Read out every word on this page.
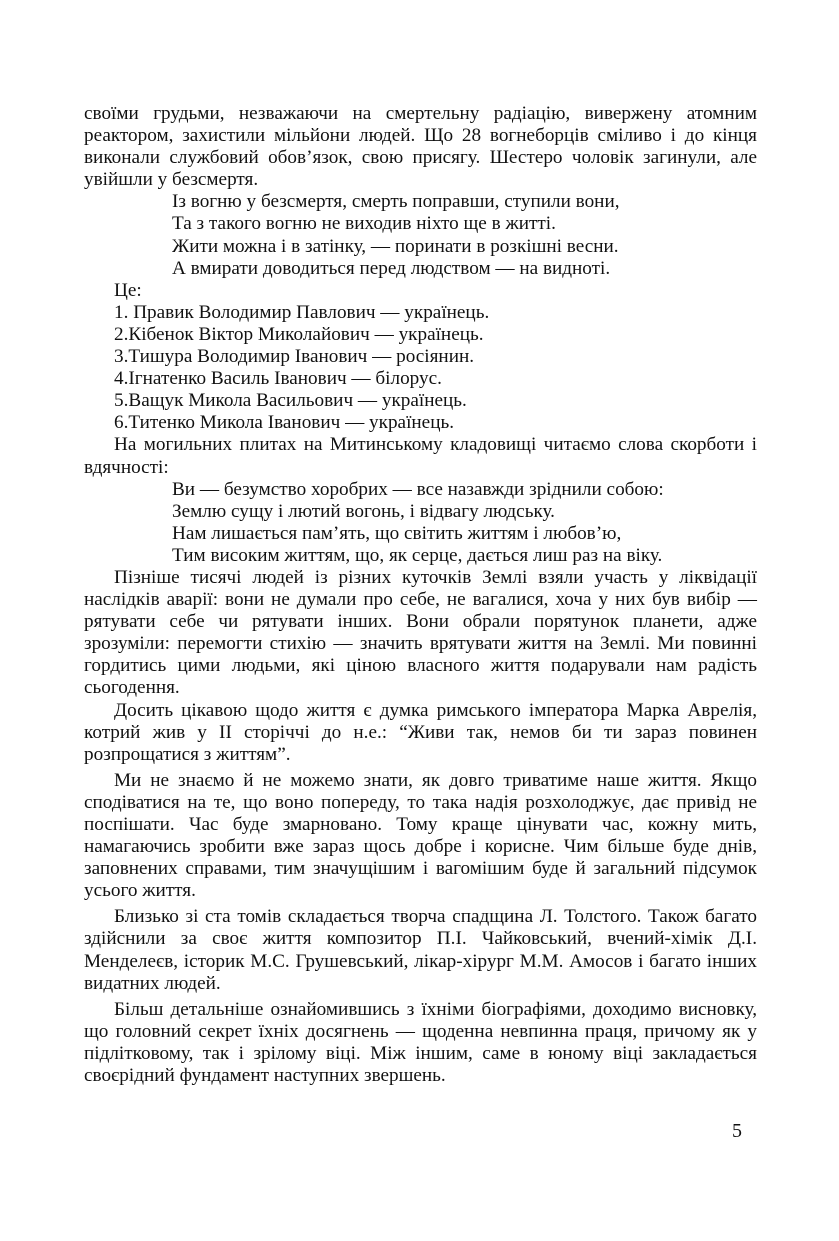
своїми грудьми, незважаючи на смертельну радіацію, виверженy атомним реактором, захистили мільйони людей. Що 28 вогнеборців сміливо і до кінця виконали службовий обов’язок, свою присягу. Шестеро чоловік загинули, але увійшли у безсмертя.

Із вогню у безсмертя, смерть поправши, ступили вони,
Та з такого вогню не виходив ніхто ще в житті.
Жити можна і в затінку, — поринати в розкішні весни.
А вмирати доводиться перед людством — на видноті.
Це:
1. Правик Володимир Павлович — українець.
2.Кібенок Віктор Миколайович — українець.
3.Тишура Володимир Іванович — росіянин.
4.Ігнатенко Василь Іванович — білорус.
5.Ващук Микола Васильович — українець.
6.Титенко Микола Іванович — українець.

На могильних плитах на Митинському кладовищі читаємо слова скорботи і вдячності:

Ви — безумство хоробрих — все назавжди зріднили собою:
Землю сущу і лютий вогонь, і відвагу людську.
Нам лишається пам’ять, що світить життям і любов’ю,
Тим високим життям, що, як серце, дається лиш раз на віку.

Пізніше тисячі людей із різних куточків Землі взяли участь у ліквідації наслідків аварії: вони не думали про себе, не вагалися, хоча у них був вибір — рятувати себе чи рятувати інших. Вони обрали порятунок планети, адже зрозуміли: перемогти стихію — значить врятувати життя на Землі. Ми повинні гордитись цими людьми, які ціною власного життя подарували нам радість сьогодення.

Досить цікавою щодо життя є думка римського імператора Марка Аврелія, котрий жив у ІІ сторіччі до н.е.: “Живи так, немов би ти зараз повинен розпрощатися з життям”.

Ми не знаємо й не можемо знати, як довго триватиме наше життя. Якщо сподіватися на те, що воно попереду, то така надія розхолоджує, дає привід не поспішати. Час буде змарновано. Тому краще цінувати час, кожну мить, намагаючись зробити вже зараз щось добре і корисне. Чим більше буде днів, заповнених справами, тим значущішим і вагомішим буде й загальний підсумок усього життя.

Близько зі ста томів складається творча спадщина Л. Толстого. Також багато здійснили за своє життя композитор П.І. Чайковський, вчений-хімік Д.І. Менделеєв, історик М.С. Грушевський, лікар-хірург М.М. Амосов і багато інших видатних людей.

Більш детальніше ознайомившись з їхніми біографіями, доходимо висновку, що головний секрет їхніх досягнень — щоденна невпинна праця, причому як у підлітковому, так і зрілому віці. Між іншим, саме в юному віці закладається своєрідний фундамент наступних звершень.

5
